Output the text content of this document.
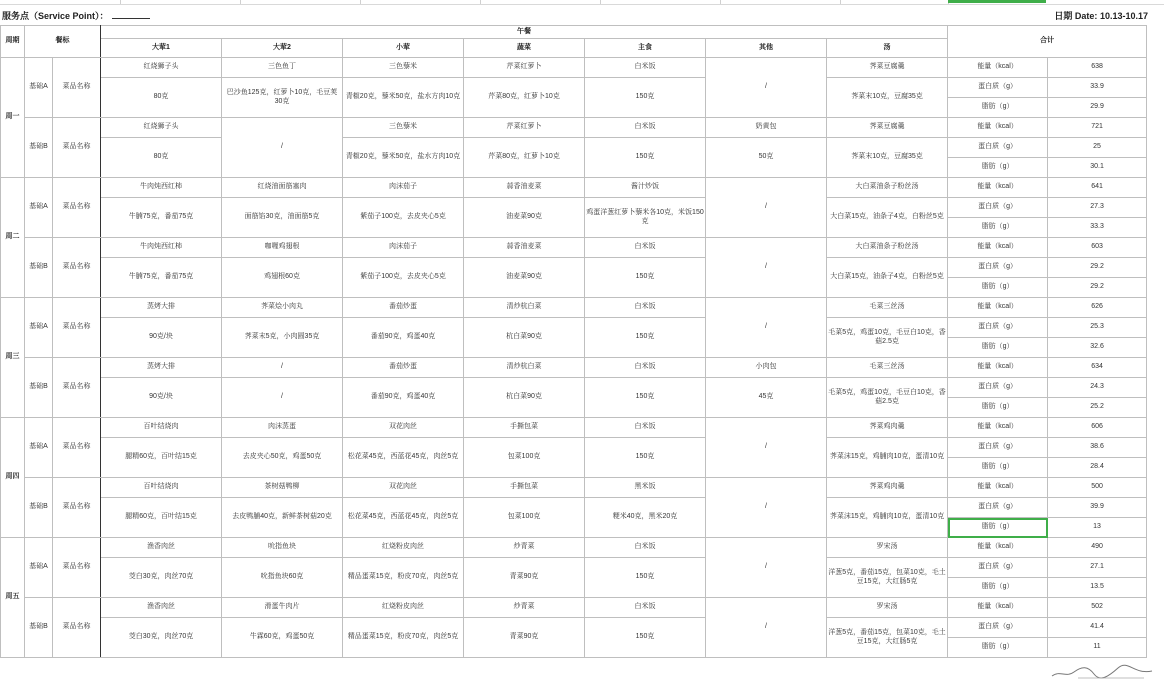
服务点（Service Point）：	日期 Date: 10.13-10.17
周期	餐标		午餐							合计	
			大荤1	大荤2	小荤	蔬菜	主食	其他	汤		
周一	基础A	菜品名称	红烧狮子头	三色鱼丁	三色藜米	芹菜红萝卜	白米饭	/	荠菜豆腐羹	能量（kcal）	638
			80克	巴沙鱼125克，红萝卜10克，毛豆荚30克	青椒20克，藜米50克，盐水方肉10克	芹菜80克，红萝卜10克	150克		荠菜末10克，豆腐35克	蛋白质（g）	33.9
										脂肪（g）	29.9
	基础B	菜品名称	红烧狮子头	/	三色藜米	芹菜红萝卜	白米饭	奶黄包	荠菜豆腐羹	能量（kcal）	721
			80克		青椒20克，藜米50克，盐水方肉10克	芹菜80克，红萝卜10克	150克	50克	荠菜末10克，豆腐35克	蛋白质（g）	25
										脂肪（g）	30.1
周二	基础A	菜品名称	牛肉炖西红柿	红烧油面筋塞肉	肉沫茄子	蒜香油麦菜	酱汁炒饭	/	大白菜油条子粉丝汤	能量（kcal）	641
			牛腩75克，番茄75克	面筋馅30克，油面筋5克	紫茄子100克，去皮夹心5克	油麦菜90克	鸡蛋洋葱红萝卜藜米各10克，米饭150克		大白菜15克，油条子4克，白粉丝5克	蛋白质（g）	27.3
										脂肪（g）	33.3
	基础B	菜品名称	牛肉炖西红柿	咖喱鸡翅根	肉沫茄子	蒜香油麦菜	白米饭	/	大白菜油条子粉丝汤	能量（kcal）	603
			牛腩75克，番茄75克	鸡翅根60克	紫茄子100克，去皮夹心5克	油麦菜90克	150克		大白菜15克，油条子4克，白粉丝5克	蛋白质（g）	29.2
										脂肪（g）	29.2
周三	基础A	菜品名称	蒸烤大排	荠菜烩小肉丸	番茄炒蛋	清炒杭白菜	白米饭	/	毛菜三丝汤	能量（kcal）	626
			90克/块	荠菜末5克，小肉圆35克	番茄90克，鸡蛋40克	杭白菜90克	150克		毛菜5克，鸡蛋10克，毛豆白10克，香菇2.5克	蛋白质（g）	25.3
										脂肪（g）	32.6
	基础B	菜品名称	蒸烤大排	/	番茄炒蛋	清炒杭白菜	白米饭	小肉包	毛菜三丝汤	能量（kcal）	634
			90克/块	/	番茄90克，鸡蛋40克	杭白菜90克	150克	45克	毛菜5克，鸡蛋10克，毛豆白10克，香菇2.5克	蛋白质（g）	24.3
										脂肪（g）	25.2
周四	基础A	菜品名称	百叶结烧肉	肉沫蒸蛋	双花肉丝	手撕包菜	白米饭	/	荠菜鸡肉羹	能量（kcal）	606
			腿精60克，百叶结15克	去皮夹心50克，鸡蛋50克	松花菜45克，西蓝花45克，肉丝5克	包菜100克	150克		荠菜沫15克，鸡脯肉10克，蛋清10克	蛋白质（g）	38.6
										脂肪（g）	28.4
	基础B	菜品名称	百叶结烧肉	茶树菇鸭柳	双花肉丝	手撕包菜	黑米饭	/	荠菜鸡肉羹	能量（kcal）	500
			腿精60克，百叶结15克	去皮鸭脯40克，新鲜茶树菇20克	松花菜45克，西蓝花45克，肉丝5克	包菜100克	粳米40克，黑米20克		荠菜沫15克，鸡脯肉10克，蛋清10克	蛋白质（g）	39.9
										脂肪（g）	13
周五	基础A	菜品名称	渔香肉丝	吮指鱼块	红烧粉皮肉丝	炒青菜	白米饭	/	罗宋汤	能量（kcal）	490
			茭白30克，肉丝70克	吮指鱼块60克	精品蛋菜15克，粉皮70克，肉丝5克	青菜90克	150克		洋葱5克，番茄15克，包菜10克，毛土豆15克，大红肠5克	蛋白质（g）	27.1
										脂肪（g）	13.5
	基础B	菜品名称	渔香肉丝	滑蛋牛肉片	红烧粉皮肉丝	炒青菜	白米饭	/	罗宋汤	能量（kcal）	502
			茭白30克，肉丝70克	牛霖60克，鸡蛋50克	精品蛋菜15克，粉皮70克，肉丝5克	青菜90克	150克		洋葱5克，番茄15克，包菜10克，毛土豆15克，大红肠5克	蛋白质（g）	41.4
										脂肪（g）	11
